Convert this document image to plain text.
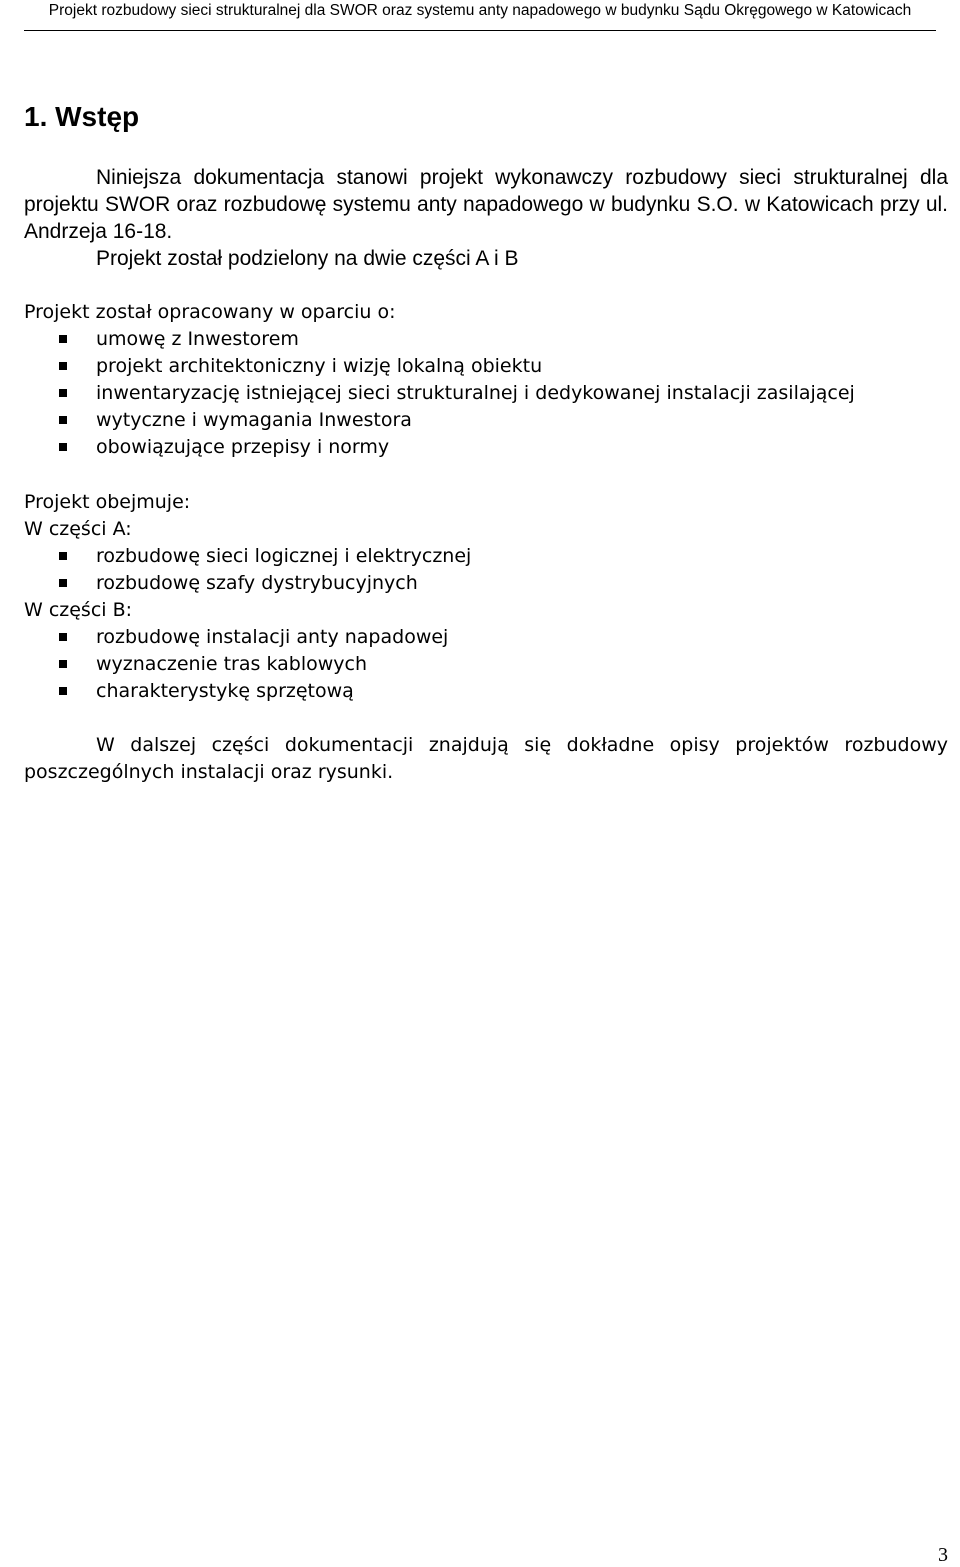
Projekt rozbudowy sieci strukturalnej dla SWOR oraz systemu anty napadowego w budynku Sądu Okręgowego w Katowicach
1. Wstęp

Niniejsza dokumentacja stanowi projekt wykonawczy rozbudowy sieci strukturalnej dla projektu SWOR oraz rozbudowę systemu anty napadowego w budynku S.O. w Katowicach przy ul. Andrzeja 16-18.

Projekt został podzielony na dwie części A i B
Projekt został opracowany w oparciu o:
umowę z Inwestorem
projekt architektoniczny i wizję lokalną obiektu
inwentaryzację istniejącej sieci strukturalnej i dedykowanej instalacji zasilającej
wytyczne i wymagania Inwestora
obowiązujące przepisy i normy
Projekt obejmuje:
W części A:
rozbudowę sieci logicznej i elektrycznej
rozbudowę szafy dystrybucyjnych
W części B:
rozbudowę instalacji anty napadowej
wyznaczenie tras kablowych
charakterystykę sprzętową

W dalszej części dokumentacji znajdują się dokładne opisy projektów rozbudowy poszczególnych instalacji oraz rysunki.

3
